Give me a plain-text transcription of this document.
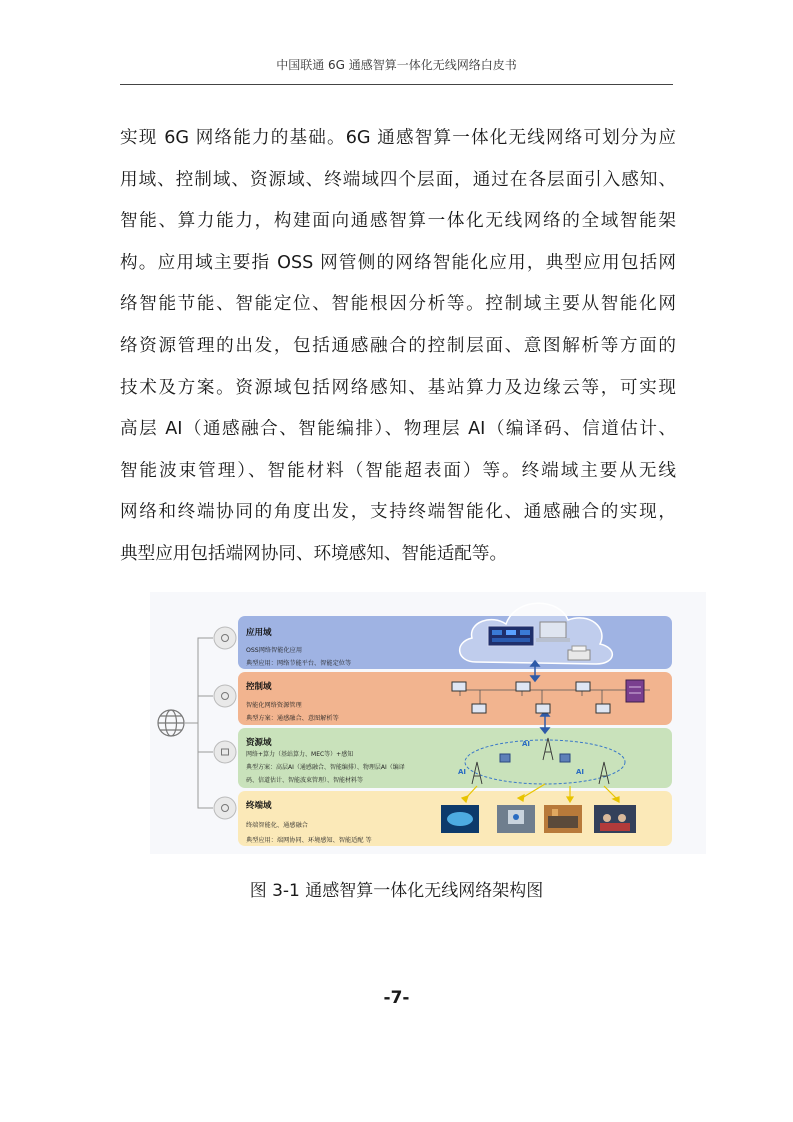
中国联通 6G 通感智算一体化无线网络白皮书
实现 6G 网络能力的基础。6G 通感智算一体化无线网络可划分为应
用域、控制域、资源域、终端域四个层面，通过在各层面引入感知、
智能、算力能力，构建面向通感智算一体化无线网络的全域智能架
构。应用域主要指 OSS 网管侧的网络智能化应用，典型应用包括网
络智能节能、智能定位、智能根因分析等。控制域主要从智能化网
络资源管理的出发，包括通感融合的控制层面、意图解析等方面的
技术及方案。资源域包括网络感知、基站算力及边缘云等，可实现
高层 AI（通感融合、智能编排）、物理层 AI（编译码、信道估计、
智能波束管理）、智能材料（智能超表面）等。终端域主要从无线
网络和终端协同的角度出发，支持终端智能化、通感融合的实现，
典型应用包括端网协同、环境感知、智能适配等。
应用域
OSS网络智能化应用
典型应用：网络节能平台、智能定位等
控制域
智能化网络资源管理
典型方案：通感融合、意图解析等
资源域
网络+算力（基站算力、MEC等）+感知
典型方案：高层AI（通感融合、智能编排）、物理层AI（编译
码、信道估计、智能波束管理）、智能材料等
终端域
终端智能化、通感融合
典型应用：端网协同、环境感知、智能适配 等
AI
AI	AI
图 3-1 通感智算一体化无线网络架构图
-7-
